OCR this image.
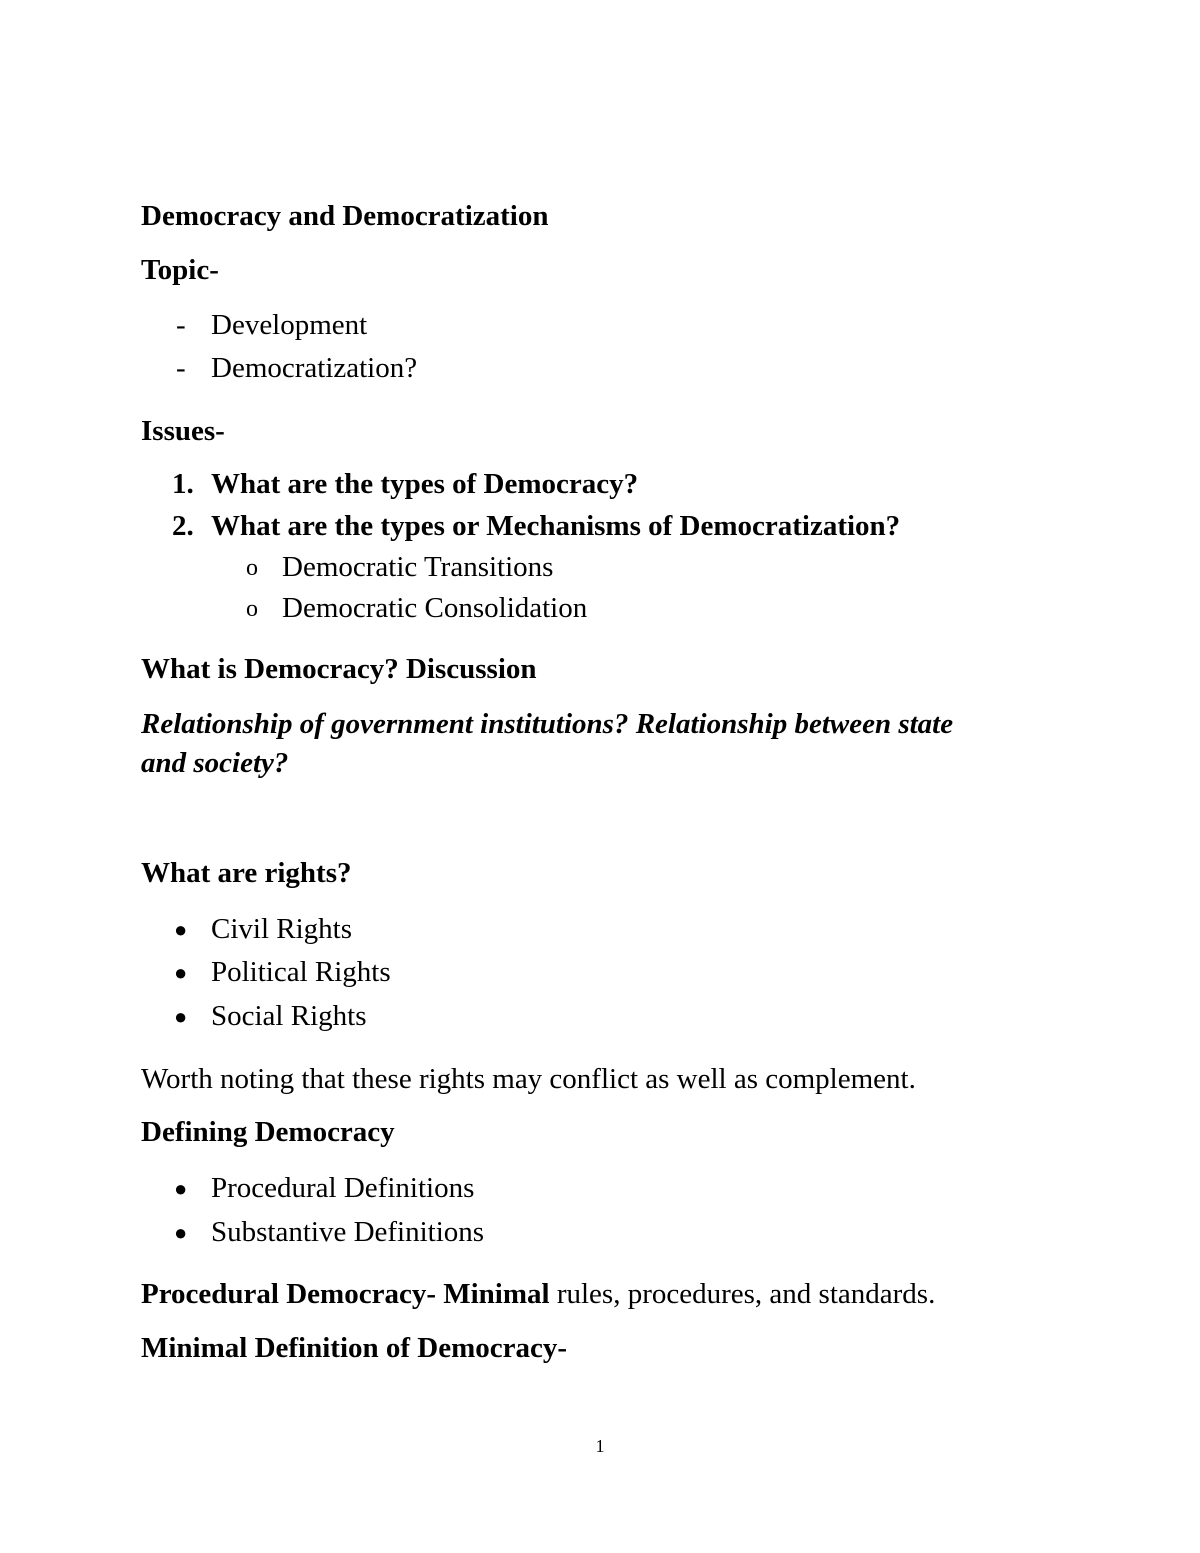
Democracy and Democratization
Topic-
- Development
- Democratization?
Issues-
1. What are the types of Democracy?
2. What are the types or Mechanisms of Democratization?
o Democratic Transitions
o Democratic Consolidation
What is Democracy? Discussion
Relationship of government institutions? Relationship between state
and society?
What are rights?
● Civil Rights
● Political Rights
● Social Rights
Worth noting that these rights may conflict as well as complement.
Defining Democracy
● Procedural Definitions
● Substantive Definitions
Procedural Democracy- Minimal rules, procedures, and standards.
Minimal Definition of Democracy-
1
